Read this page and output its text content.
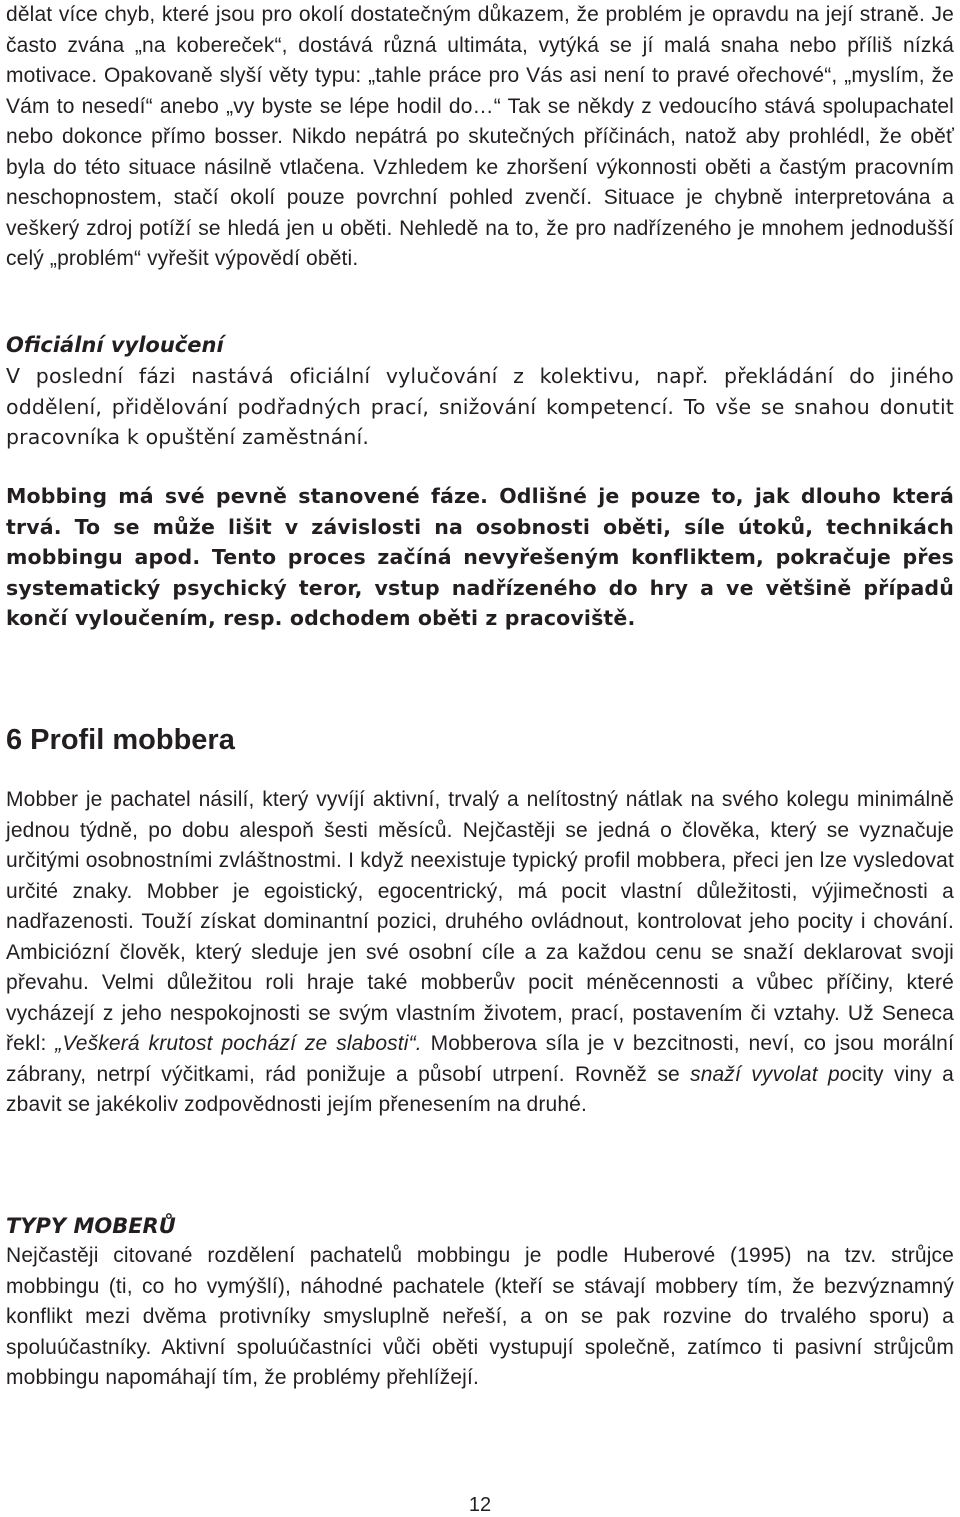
dělat více chyb, které jsou pro okolí dostatečným důkazem, že problém je opravdu na její straně. Je často zvána „na kobereček“, dostává různá ultimáta, vytýká se jí malá snaha nebo příliš nízká motivace. Opakovaně slyší věty typu: „tahle práce pro Vás asi není to pravé ořechové“, „myslím, že Vám to nesedí“ anebo „vy byste se lépe hodil do…“ Tak se někdy z vedoucího stává spolupachatel nebo dokonce přímo bosser. Nikdo nepátrá po skutečných příčinách, natož aby prohlédl, že oběť byla do této situace násilně vtlačena. Vzhledem ke zhoršení výkonnosti oběti a častým pracovním neschopnostem, stačí okolí pouze povrchní pohled zvenčí. Situace je chybně interpretována a veškerý zdroj potíží se hledá jen u oběti. Nehledě na to, že pro nadřízeného je mnohem jednodušší celý „problém“ vyřešit výpovědí oběti.

Oficiální vyloučení

V poslední fázi nastává oficiální vylučování z kolektivu, např. překládání do jiného oddělení, přidělování podřadných prací, snižování kompetencí. To vše se snahou donutit pracovníka k opuštění zaměstnání.

Mobbing má své pevně stanovené fáze. Odlišné je pouze to, jak dlouho která trvá. To se může lišit v závislosti na osobnosti oběti, síle útoků, technikách mobbingu apod. Tento proces začíná nevyřešeným konfliktem, pokračuje přes systematický psychický teror, vstup nadřízeného do hry a ve většině případů končí vyloučením, resp. odchodem oběti z pracoviště.

6 Profil mobbera

Mobber je pachatel násilí, který vyvíjí aktivní, trvalý a nelítostný nátlak na svého kolegu minimálně jednou týdně, po dobu alespoň šesti měsíců. Nejčastěji se jedná o člověka, který se vyznačuje určitými osobnostními zvláštnostmi. I když neexistuje typický profil mobbera, přeci jen lze vysledovat určité znaky. Mobber je egoistický, egocentrický, má pocit vlastní důležitosti, výjimečnosti a nadřazenosti. Touží získat dominantní pozici, druhého ovládnout, kontrolovat jeho pocity i chování. Ambiciózní člověk, který sleduje jen své osobní cíle a za každou cenu se snaží deklarovat svoji převahu. Velmi důležitou roli hraje také mobberův pocit méněcennosti a vůbec příčiny, které vycházejí z jeho nespokojnosti se svým vlastním životem, prací, postavením či vztahy. Už Seneca řekl: „Veškerá krutost pochází ze slabosti“. Mobberova síla je v bezcitnosti, neví, co jsou morální zábrany, netrpí výčitkami, rád ponižuje a působí utrpení. Rovněž se snaží vyvolat pocity viny a zbavit se jakékoliv zodpovědnosti jejím přenesením na druhé.

TYPY MOBERŮ

Nejčastěji citované rozdělení pachatelů mobbingu je podle Huberové (1995) na tzv. strůjce mobbingu (ti, co ho vymýšlí), náhodné pachatele (kteří se stávají mobbery tím, že bezvýznamný konflikt mezi dvěma protivníky smysluplně neřeší, a on se pak rozvine do trvalého sporu) a spoluúčastníky. Aktivní spoluúčastníci vůči oběti vystupují společně, zatímco ti pasivní strůjcům mobbingu napomáhají tím, že problémy přehlížejí.

12
